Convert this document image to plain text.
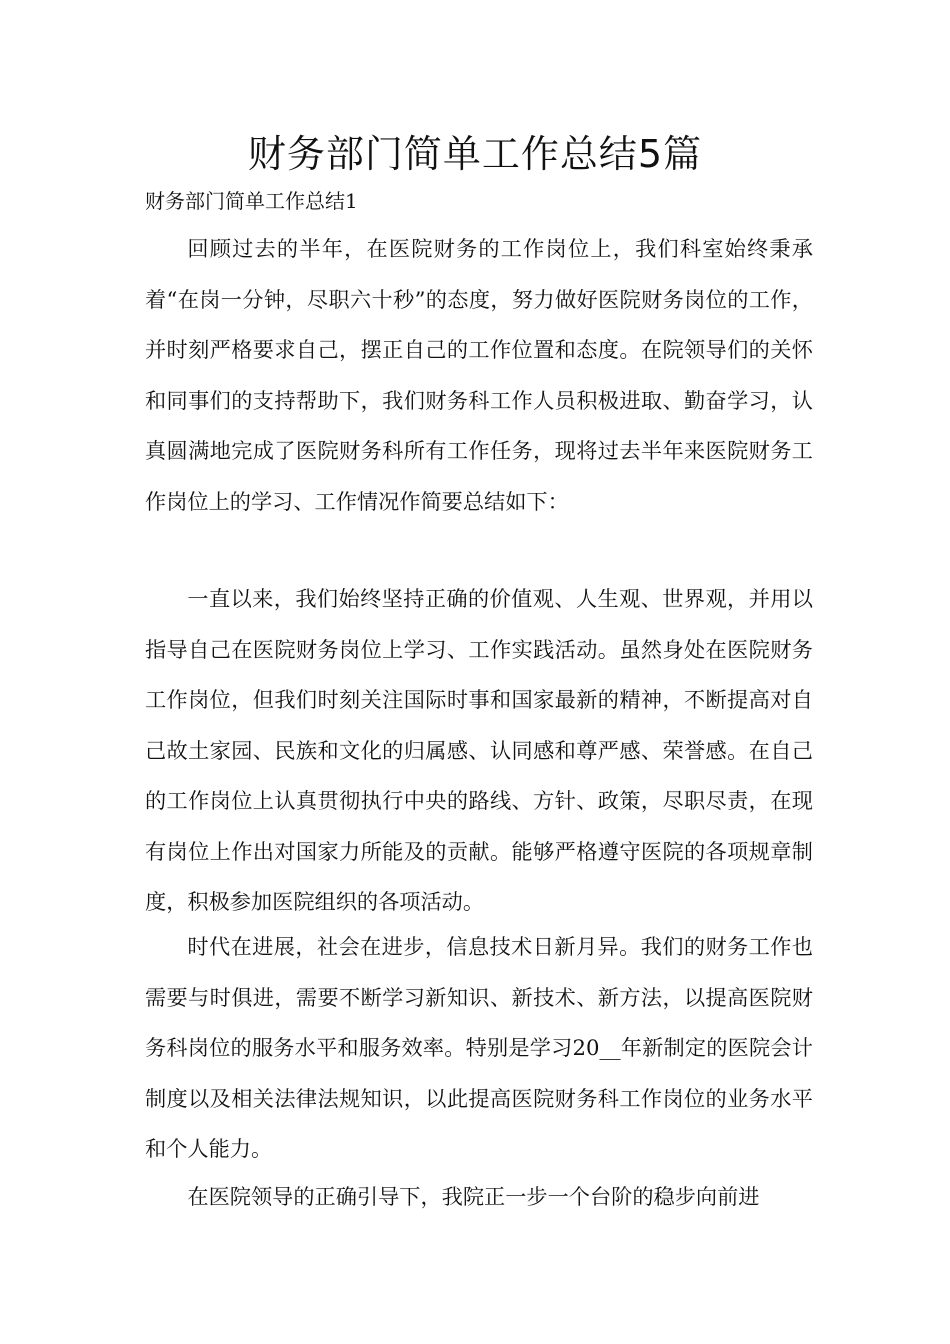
财务部门简单工作总结5篇

财务部门简单工作总结1

回顾过去的半年，在医院财务的工作岗位上，我们科室始终秉承着“在岗一分钟，尽职六十秒”的态度，努力做好医院财务岗位的工作，并时刻严格要求自己，摆正自己的工作位置和态度。在院领导们的关怀和同事们的支持帮助下，我们财务科工作人员积极进取、勤奋学习，认真圆满地完成了医院财务科所有工作任务，现将过去半年来医院财务工作岗位上的学习、工作情况作简要总结如下：

一直以来，我们始终坚持正确的价值观、人生观、世界观，并用以指导自己在医院财务岗位上学习、工作实践活动。虽然身处在医院财务工作岗位，但我们时刻关注国际时事和国家最新的精神，不断提高对自己故土家园、民族和文化的归属感、认同感和尊严感、荣誉感。在自己的工作岗位上认真贯彻执行中央的路线、方针、政策，尽职尽责，在现有岗位上作出对国家力所能及的贡献。能够严格遵守医院的各项规章制度，积极参加医院组织的各项活动。

时代在进展，社会在进步，信息技术日新月异。我们的财务工作也需要与时俱进，需要不断学习新知识、新技术、新方法，以提高医院财务科岗位的服务水平和服务效率。特别是学习20__年新制定的医院会计制度以及相关法律法规知识，以此提高医院财务科工作岗位的业务水平和个人能力。

在医院领导的正确引导下，我院正一步一个台阶的稳步向前进
